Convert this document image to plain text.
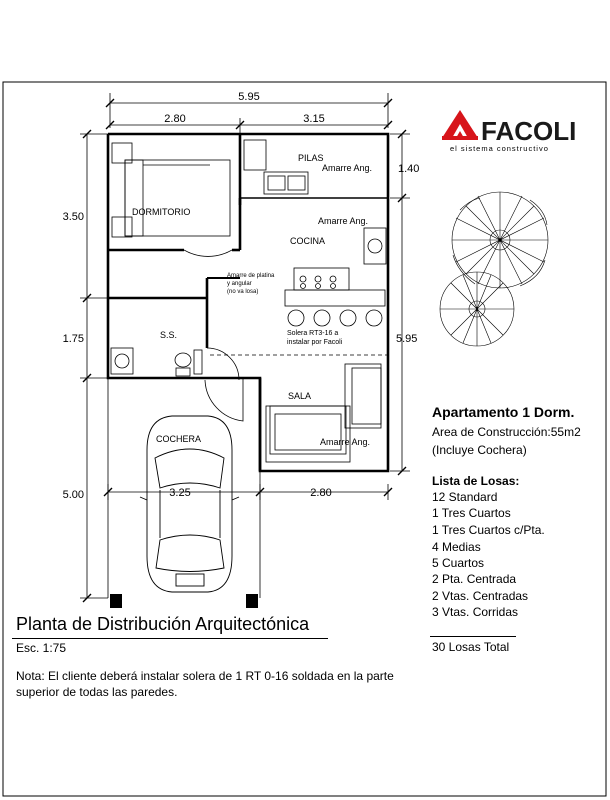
5.95
2.80	3.15
3.50
1.75
5.00
1.40
5.95
3.25	2.80
DORMITORIO
PILAS
COCINA
S.S.
SALA
COCHERA
Amarre Ang.
Amarre Ang.
Amarre Ang.
Amarre de platina
y angular
(no va losa)
Solera RT3-16 a
instalar por Facoli
FACOLI
el sistema constructivo
Apartamento 1 Dorm.
Area de Construcción:55m2
(Incluye Cochera)
Lista de Losas:
12 Standard
1 Tres Cuartos
1 Tres Cuartos c/Pta.
4 Medias
5 Cuartos
2 Pta. Centrada
2 Vtas. Centradas
3 Vtas. Corridas
30 Losas Total
Planta de Distribución Arquitectónica
Esc. 1:75
Nota: El cliente deberá instalar solera de 1 RT 0-16 soldada en la parte superior de todas las paredes.
